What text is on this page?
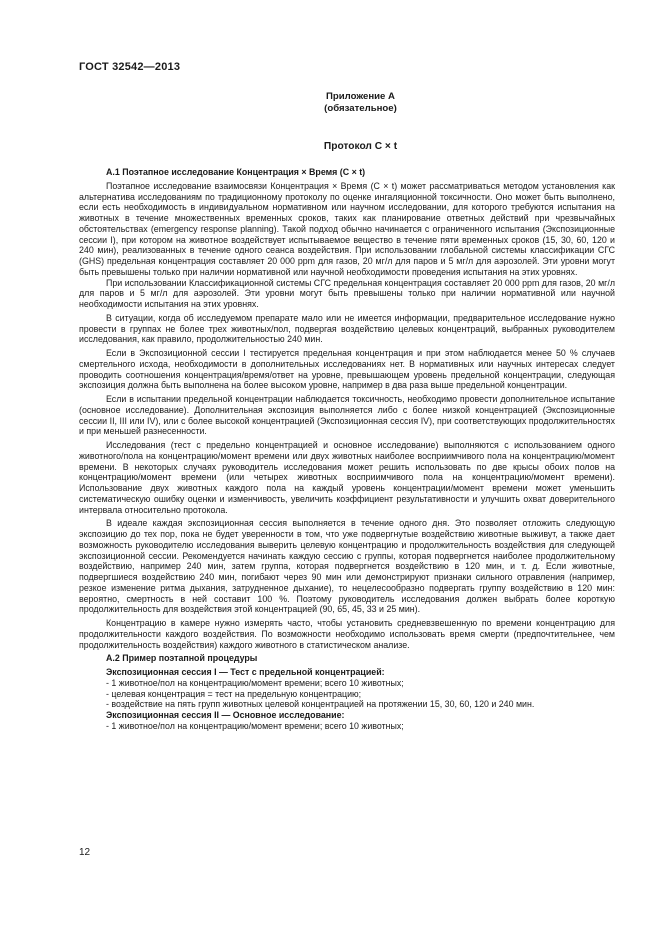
ГОСТ 32542—2013
Приложение А
(обязательное)
Протокол C × t
А.1 Поэтапное исследование Концентрация × Время (C × t)

Поэтапное исследование взаимосвязи Концентрация × Время (C × t) может рассматриваться методом установления как альтернатива исследованиям по традиционному протоколу по оценке ингаляционной токсичности. Оно может быть выполнено, если есть необходимость в индивидуальном нормативном или научном исследовании, для которого требуются испытания на животных в течение множественных временных сроков, таких как планирование ответных действий при чрезвычайных обстоятельствах (emergency response planning). Такой подход обычно начинается с ограниченного испытания (Экспозиционные сессии I), при котором на животное воздействует испытываемое вещество в течение пяти временных сроков (15, 30, 60, 120 и 240 мин), реализованных в течение одного сеанса воздействия. При использовании глобальной системы классификации СГС (GHS) предельная концентрация составляет 20 000 ppm для газов, 20 мг/л для паров и 5 мг/л для аэрозолей. Эти уровни могут быть превышены только при наличии нормативной или научной необходимости проведения испытания на этих уровнях.

При использовании Классификационной системы СГС предельная концентрация составляет 20 000 ppm для газов, 20 мг/л для паров и 5 мг/л для аэрозолей. Эти уровни могут быть превышены только при наличии нормативной или научной необходимости испытания на этих уровнях.

В ситуации, когда об исследуемом препарате мало или не имеется информации, предварительное исследование нужно провести в группах не более трех животных/пол, подвергая воздействию целевых концентраций, выбранных руководителем исследования, как правило, продолжительностью 240 мин.

Если в Экспозиционной сессии I тестируется предельная концентрация и при этом наблюдается менее 50 % случаев смертельного исхода, необходимости в дополнительных исследованиях нет. В нормативных или научных интересах следует проводить соотношения концентрация/время/ответ на уровне, превышающем уровень предельной концентрации, следующая экспозиция должна быть выполнена на более высоком уровне, например в два раза выше предельной концентрации.

Если в испытании предельной концентрации наблюдается токсичность, необходимо провести дополнительное испытание (основное исследование). Дополнительная экспозиция выполняется либо с более низкой концентрацией (Экспозиционные сессии II, III или IV), или с более высокой концентрацией (Экспозиционная сессия IV), при соответствующих продолжительностях и при меньшей разнесенности.

Исследования (тест с предельно концентрацией и основное исследование) выполняются с использованием одного животного/пола на концентрацию/момент времени или двух животных наиболее восприимчивого пола на концентрацию/момент времени. В некоторых случаях руководитель исследования может решить использовать по две крысы обоих полов на концентрацию/момент времени (или четырех животных восприимчивого пола на концентрацию/момент времени). Использование двух животных каждого пола на каждый уровень концентрации/момент времени может уменьшить систематическую ошибку оценки и изменчивость, увеличить коэффициент результативности и улучшить охват доверительного интервала относительно протокола.

В идеале каждая экспозиционная сессия выполняется в течение одного дня. Это позволяет отложить следующую экспозицию до тех пор, пока не будет уверенности в том, что уже подвергнутые воздействию животные выживут, а также дает возможность руководителю исследования выверить целевую концентрацию и продолжительность воздействия для следующей экспозиционной сессии. Рекомендуется начинать каждую сессию с группы, которая подвергнется наиболее продолжительному воздействию, например 240 мин, затем группа, которая подвергнется воздействию в 120 мин, и т. д. Если животные, подвергшиеся воздействию 240 мин, погибают через 90 мин или демонстрируют признаки сильного отравления (например, резкое изменение ритма дыхания, затрудненное дыхание), то нецелесообразно подвергать группу воздействию в 120 мин: вероятно, смертность в ней составит 100 %. Поэтому руководитель исследования должен выбрать более короткую продолжительность для воздействия этой концентрацией (90, 65, 45, 33 и 25 мин).

Концентрацию в камере нужно измерять часто, чтобы установить средневзвешенную по времени концентрацию для продолжительности каждого воздействия. По возможности необходимо использовать время смерти (предпочтительнее, чем продолжительность воздействия) каждого животного в статистическом анализе.

А.2 Пример поэтапной процедуры
Экспозиционная сессия I — Тест с предельной концентрацией:
- 1 животное/пол на концентрацию/момент времени; всего 10 животных;
- целевая концентрация = тест на предельную концентрацию;
- воздействие на пять групп животных целевой концентрацией на протяжении 15, 30, 60, 120 и 240 мин.
Экспозиционная сессия II — Основное исследование:
- 1 животное/пол на концентрацию/момент времени; всего 10 животных;
12
